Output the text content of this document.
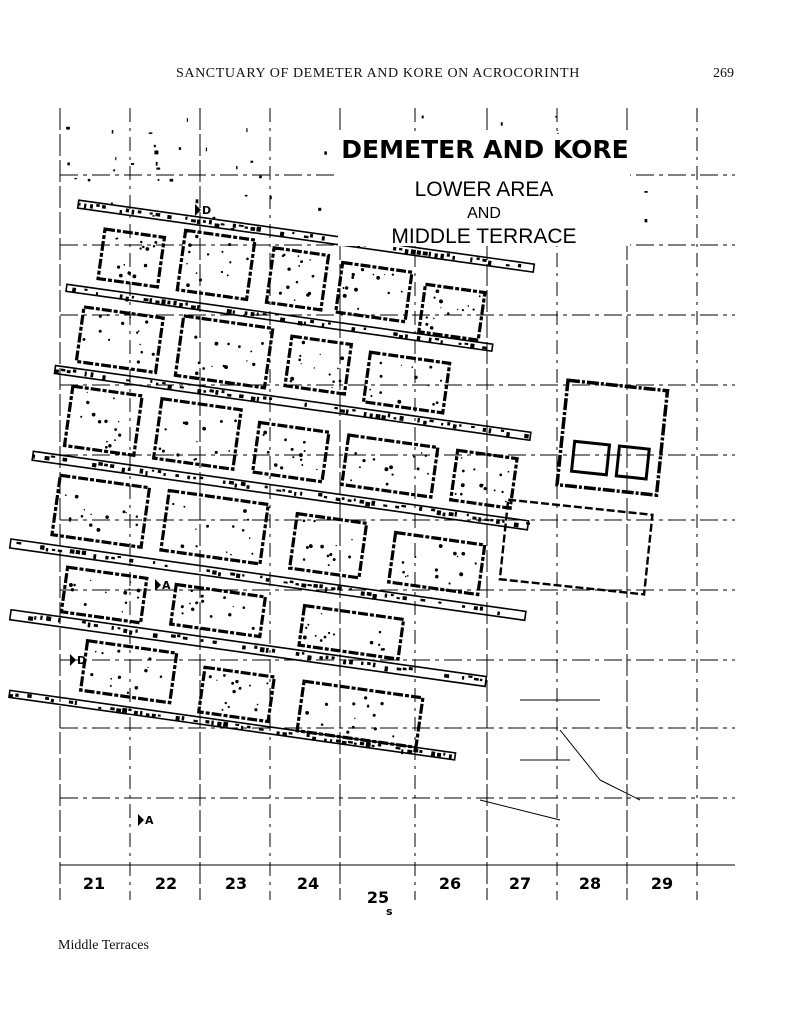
SANCTUARY OF DEMETER AND KORE ON ACROCORINTH	269
D
D
A
A
DEMETER AND KORE
LOWER AREA
AND
MIDDLE TERRACE
21	22	23	24
25
26	27	28	29
s
Middle Terraces
